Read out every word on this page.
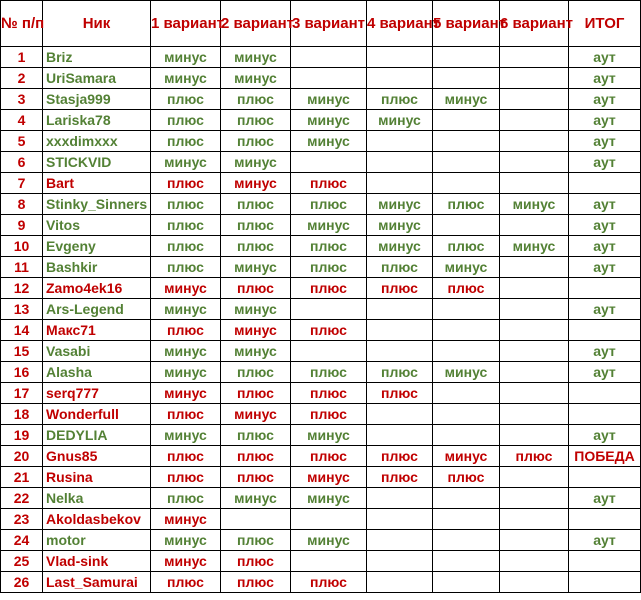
№ п/п	Ник	1 вариант	2 вариант	3 вариант	4 вариант	5 вариант	6 вариант	ИТОГ
1	Briz	минус	минус					аут
2	UriSamara	минус	минус					аут
3	Stasja999	плюс	плюс	минус	плюс	минус		аут
4	Lariska78	плюс	плюс	минус	минус			аут
5	xxxdimxxx	плюс	плюс	минус				аут
6	STICKVID	минус	минус					аут
7	Bart	плюс	минус	плюс				
8	Stinky_Sinners	плюс	плюс	плюс	минус	плюс	минус	аут
9	Vitos	плюс	плюс	минус	минус			аут
10	Evgeny	плюс	плюс	плюс	минус	плюс	минус	аут
11	Bashkir	плюс	минус	плюс	плюс	минус		аут
12	Zamo4ek16	минус	плюс	плюс	плюс	плюс		
13	Ars-Legend	минус	минус					аут
14	Макс71	плюс	минус	плюс				
15	Vasabi	минус	минус					аут
16	Alasha	минус	плюс	плюс	плюс	минус		аут
17	serq777	минус	плюс	плюс	плюс			
18	Wonderfull	плюс	минус	плюс				
19	DEDYLIA	минус	плюс	минус				аут
20	Gnus85	плюс	плюс	плюс	плюс	минус	плюс	ПОБЕДА
21	Rusina	плюс	плюс	минус	плюс	плюс		
22	Nelka	плюс	минус	минус				аут
23	Akoldasbekov	минус						
24	motor	минус	плюс	минус				аут
25	Vlad-sink	минус	плюс					
26	Last_Samurai	плюс	плюс	плюс				
